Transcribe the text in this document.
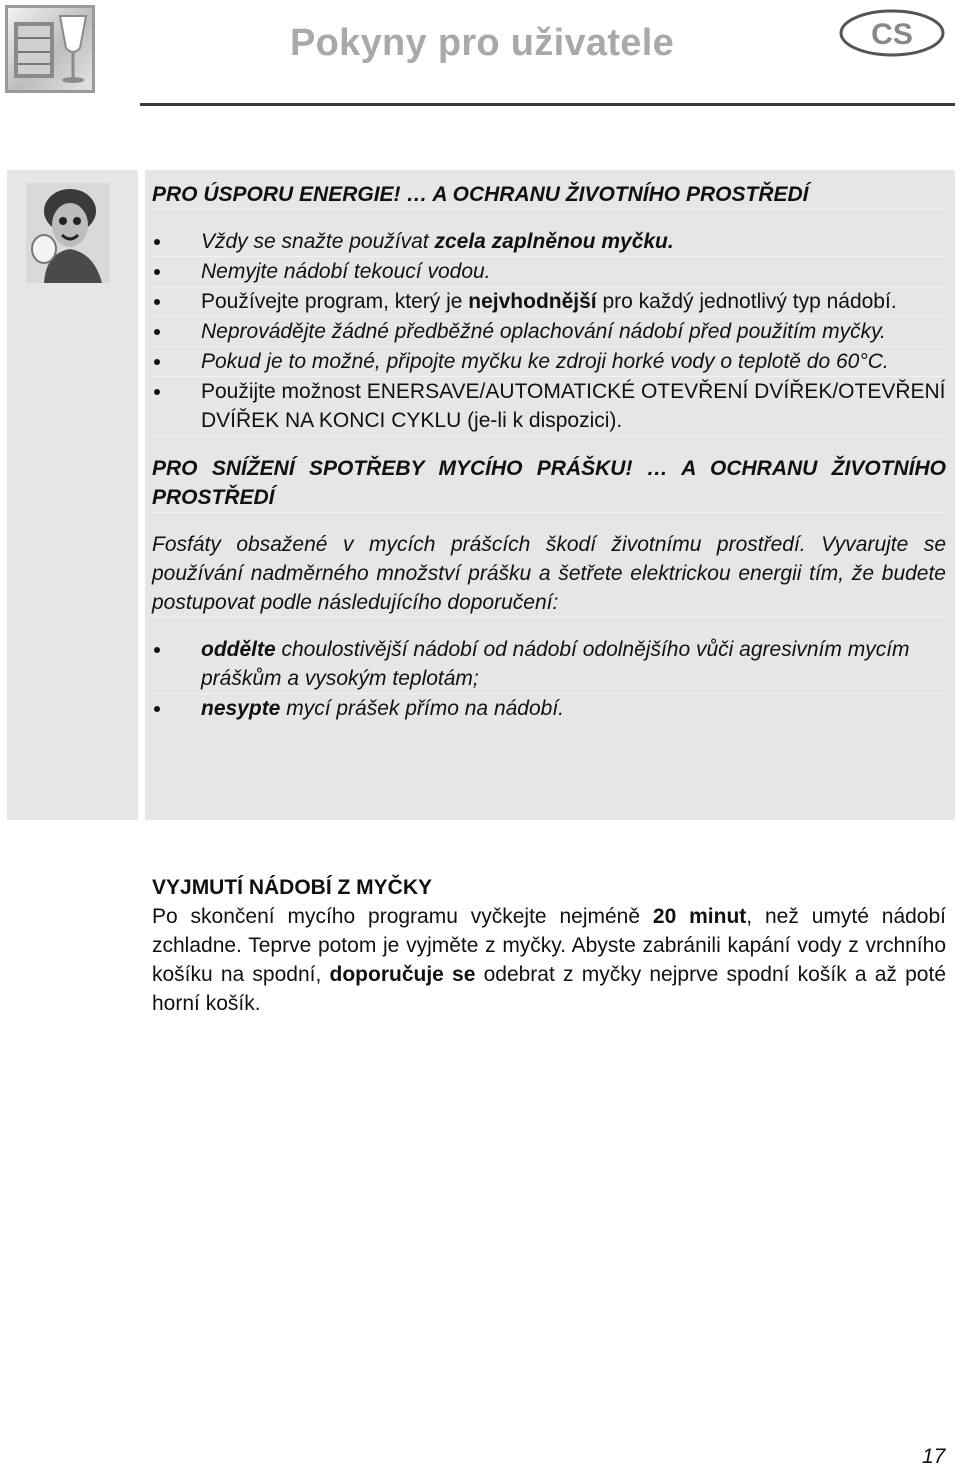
Pokyny pro uživatele	CS
PRO ÚSPORU ENERGIE! … A OCHRANU ŽIVOTNÍHO PROSTŘEDÍ
Vždy se snažte používat zcela zaplněnou myčku.
Nemyjte nádobí tekoucí vodou.
Používejte program, který je nejvhodnější pro každý jednotlivý typ nádobí.
Neprovádějte žádné předběžné oplachování nádobí před použitím myčky.
Pokud je to možné, připojte myčku ke zdroji horké vody o teplotě do 60°C.
Použijte možnost ENERSAVE/AUTOMATICKÉ OTEVŘENÍ DVÍŘEK/OTEVŘENÍ DVÍŘEK NA KONCI CYKLU (je-li k dispozici).
PRO SNÍŽENÍ SPOTŘEBY MYCÍHO PRÁŠKU! … A OCHRANU ŽIVOTNÍHO PROSTŘEDÍ
Fosfáty obsažené v mycích prášcích škodí životnímu prostředí. Vyvarujte se používání nadměrného množství prášku a šetřete elektrickou energii tím, že budete postupovat podle následujícího doporučení:
oddělte choulostivější nádobí od nádobí odolnějšího vůči agresivním mycím práškům a vysokým teplotám;
nesypte mycí prášek přímo na nádobí.
VYJMUTÍ NÁDOBÍ Z MYČKY
Po skončení mycího programu vyčkejte nejméně 20 minut, než umyté nádobí zchladne. Teprve potom je vyjměte z myčky. Abyste zabránili kapání vody z vrchního košíku na spodní, doporučuje se odebrat z myčky nejprve spodní košík a až poté horní košík.
17
